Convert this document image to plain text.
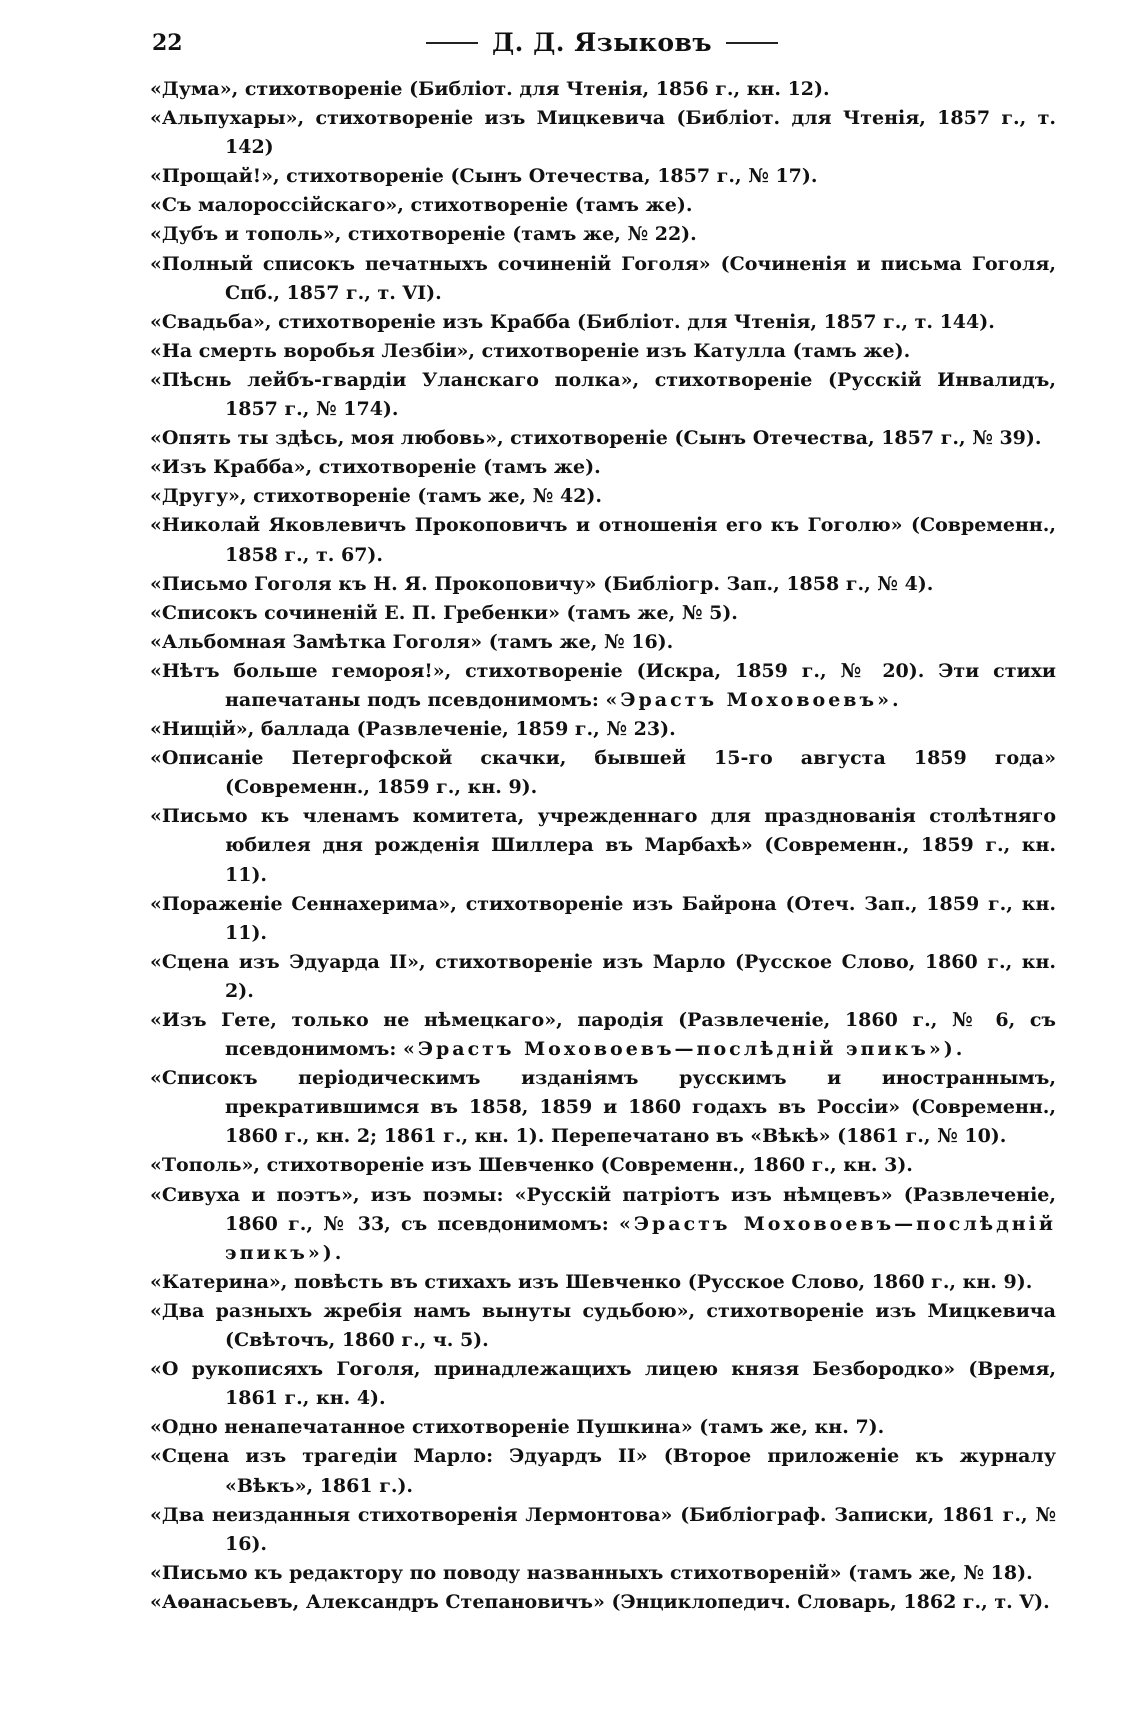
22	Д. Д. Языковъ
«Дума», стихотвореніе (Библіот. для Чтенія, 1856 г., кн. 12).
«Альпухары», стихотвореніе изъ Мицкевича (Библіот. для Чтенія, 1857 г., т. 142)
«Прощай!», стихотвореніе (Сынъ Отечества, 1857 г., № 17).
«Съ малороссійскаго», стихотвореніе (тамъ же).
«Дубъ и тополь», стихотвореніе (тамъ же, № 22).
«Полный списокъ печатныхъ сочиненій Гоголя» (Сочиненія и письма Гоголя, Спб., 1857 г., т. VI).
«Свадьба», стихотвореніе изъ Крабба (Библіот. для Чтенія, 1857 г., т. 144).
«На смерть воробья Лезбіи», стихотвореніе изъ Катулла (тамъ же).
«Пѣснь лейбъ-гвардіи Уланскаго полка», стихотвореніе (Русскій Инвалидъ, 1857 г., № 174).
«Опять ты здѣсь, моя любовь», стихотвореніе (Сынъ Отечества, 1857 г., № 39).
«Изъ Крабба», стихотвореніе (тамъ же).
«Другу», стихотвореніе (тамъ же, № 42).
«Николай Яковлевичъ Прокоповичъ и отношенія его къ Гоголю» (Современн., 1858 г., т. 67).
«Письмо Гоголя къ Н. Я. Прокоповичу» (Библіогр. Зап., 1858 г., № 4).
«Списокъ сочиненій Е. П. Гребенки» (тамъ же, № 5).
«Альбомная Замѣтка Гоголя» (тамъ же, № 16).
«Нѣтъ больше гемороя!», стихотвореніе (Искра, 1859 г., № 20). Эти стихи напечатаны подъ псевдонимомъ: «Эрастъ Моховоевъ».
«Нищій», баллада (Развлеченіе, 1859 г., № 23).
«Описаніе Петергофской скачки, бывшей 15-го августа 1859 года» (Современн., 1859 г., кн. 9).
«Письмо къ членамъ комитета, учрежденнаго для празднованія столѣтняго юбилея дня рожденія Шиллера въ Марбахѣ» (Современн., 1859 г., кн. 11).
«Пораженіе Сеннахерима», стихотвореніе изъ Байрона (Отеч. Зап., 1859 г., кн. 11).
«Сцена изъ Эдуарда II», стихотвореніе изъ Марло (Русское Слово, 1860 г., кн. 2).
«Изъ Гете, только не нѣмецкаго», пародія (Развлеченіе, 1860 г., № 6, съ псевдонимомъ: «Эрастъ Моховоевъ—послѣдній эпикъ»).
«Списокъ періодическимъ изданіямъ русскимъ и иностраннымъ, прекратившимся въ 1858, 1859 и 1860 годахъ въ Россіи» (Современн., 1860 г., кн. 2; 1861 г., кн. 1). Перепечатано въ «Вѣкѣ» (1861 г., № 10).
«Тополь», стихотвореніе изъ Шевченко (Современн., 1860 г., кн. 3).
«Сивуха и поэтъ», изъ поэмы: «Русскій патріотъ изъ нѣмцевъ» (Развлеченіе, 1860 г., № 33, съ псевдонимомъ: «Эрастъ Моховоевъ—послѣдній эпикъ»).
«Катерина», повѣсть въ стихахъ изъ Шевченко (Русское Слово, 1860 г., кн. 9).
«Два разныхъ жребія намъ вынуты судьбою», стихотвореніе изъ Мицкевича (Свѣточъ, 1860 г., ч. 5).
«О рукописяхъ Гоголя, принадлежащихъ лицею князя Безбородко» (Время, 1861 г., кн. 4).
«Одно ненапечатанное стихотвореніе Пушкина» (тамъ же, кн. 7).
«Сцена изъ трагедіи Марло: Эдуардъ II» (Второе приложеніе къ журналу «Вѣкъ», 1861 г.).
«Два неизданныя стихотворенія Лермонтова» (Библіограф. Записки, 1861 г., № 16).
«Письмо къ редактору по поводу названныхъ стихотвореній» (тамъ же, № 18).
«Аѳанасьевъ, Александръ Степановичъ» (Энциклопедич. Словарь, 1862 г., т. V).
